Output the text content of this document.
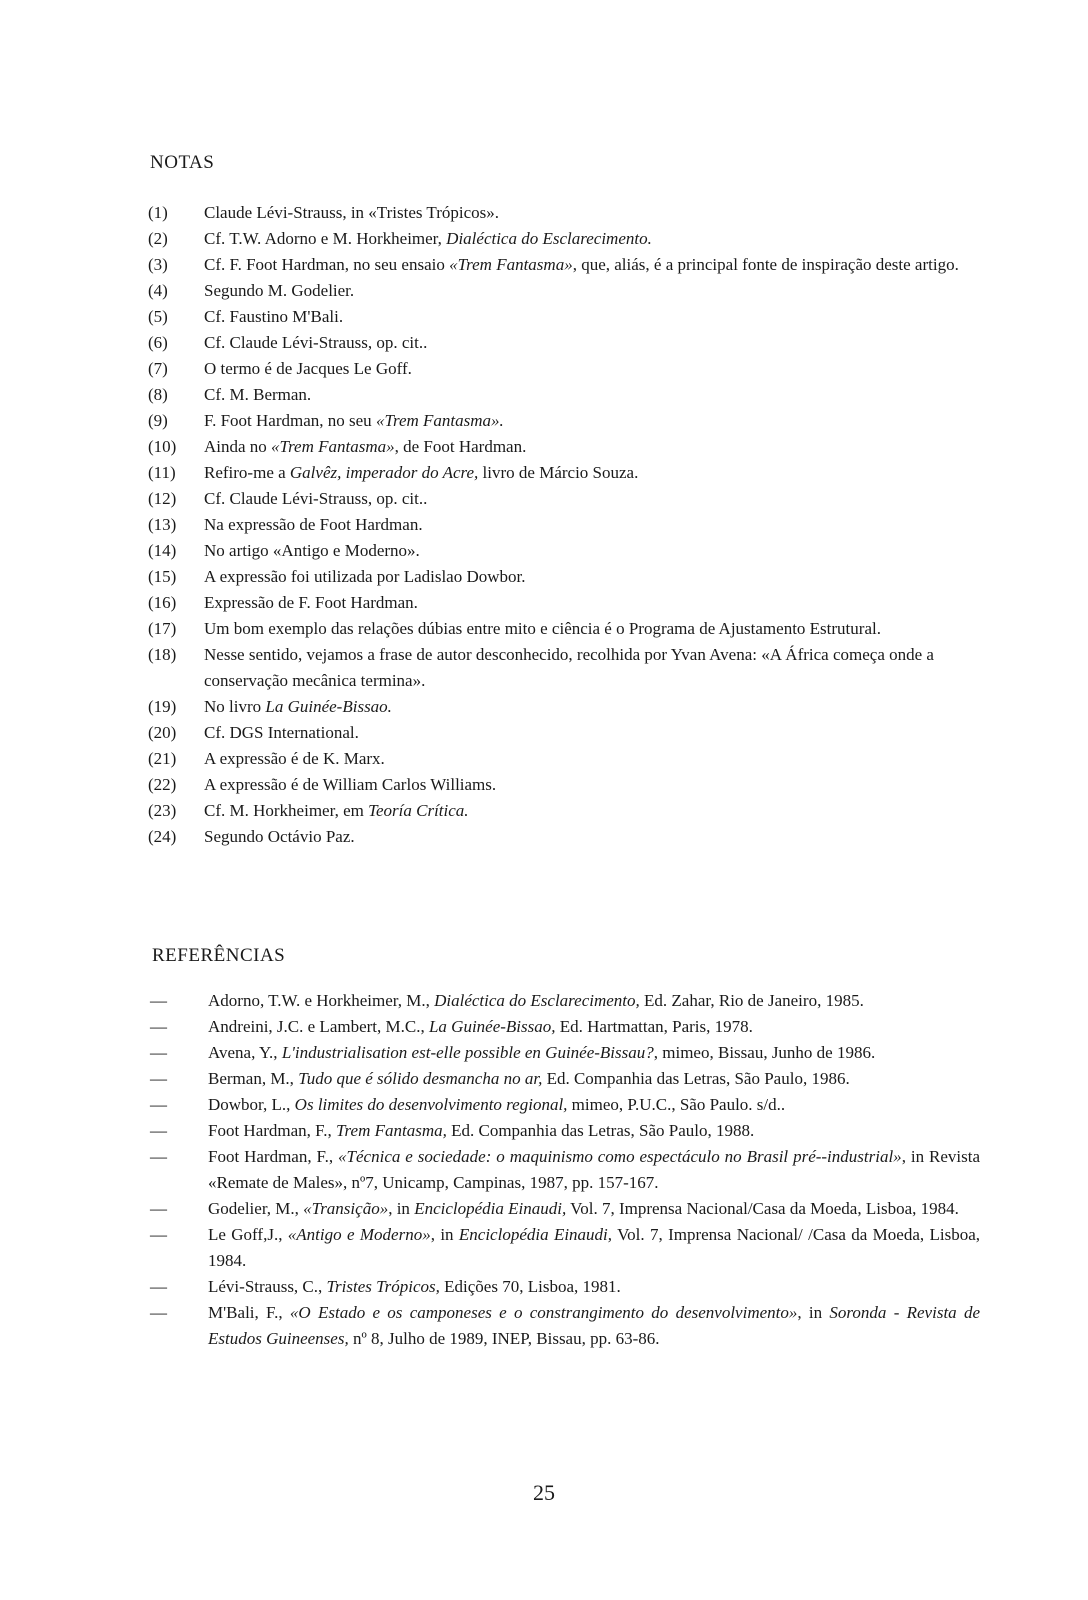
NOTAS
(1)	Claude Lévi-Strauss, in «Tristes Trópicos».
(2)	Cf. T.W. Adorno e M. Horkheimer, Dialéctica do Esclarecimento.
(3)	Cf. F. Foot Hardman, no seu ensaio «Trem Fantasma», que, aliás, é a principal fonte de inspiração deste artigo.
(4)	Segundo M. Godelier.
(5)	Cf. Faustino M'Bali.
(6)	Cf. Claude Lévi-Strauss, op. cit..
(7)	O termo é de Jacques Le Goff.
(8)	Cf. M. Berman.
(9)	F. Foot Hardman, no seu «Trem Fantasma».
(10)	Ainda no «Trem Fantasma», de Foot Hardman.
(11)	Refiro-me a Galvêz, imperador do Acre, livro de Márcio Souza.
(12)	Cf. Claude Lévi-Strauss, op. cit..
(13)	Na expressão de Foot Hardman.
(14)	No artigo «Antigo e Moderno».
(15)	A expressão foi utilizada por Ladislao Dowbor.
(16)	Expressão de F. Foot Hardman.
(17)	Um bom exemplo das relações dúbias entre mito e ciência é o Programa de Ajustamento Estrutural.
(18)	Nesse sentido, vejamos a frase de autor desconhecido, recolhida por Yvan Avena: «A África começa onde a conservação mecânica termina».
(19)	No livro La Guinée-Bissao.
(20)	Cf. DGS International.
(21)	A expressão é de K. Marx.
(22)	A expressão é de William Carlos Williams.
(23)	Cf. M. Horkheimer, em Teoría Crítica.
(24)	Segundo Octávio Paz.
REFERÊNCIAS
—	Adorno, T.W. e Horkheimer, M., Dialéctica do Esclarecimento, Ed. Zahar, Rio de Janeiro, 1985.
—	Andreini, J.C. e Lambert, M.C., La Guinée-Bissao, Ed. Hartmattan, Paris, 1978.
—	Avena, Y., L'industrialisation est-elle possible en Guinée-Bissau?, mimeo, Bissau, Junho de 1986.
—	Berman, M., Tudo que é sólido desmancha no ar, Ed. Companhia das Letras, São Paulo, 1986.
—	Dowbor, L., Os limites do desenvolvimento regional, mimeo, P.U.C., São Paulo. s/d..
—	Foot Hardman, F., Trem Fantasma, Ed. Companhia das Letras, São Paulo, 1988.
—	Foot Hardman, F., «Técnica e sociedade: o maquinismo como espectáculo no Brasil pré--industrial», in Revista «Remate de Males», nº7, Unicamp, Campinas, 1987, pp. 157-167.
—	Godelier, M., «Transição», in Enciclopédia Einaudi, Vol. 7, Imprensa Nacional/Casa da Moeda, Lisboa, 1984.
—	Le Goff,J., «Antigo e Moderno», in Enciclopédia Einaudi, Vol. 7, Imprensa Nacional/ /Casa da Moeda, Lisboa, 1984.
—	Lévi-Strauss, C., Tristes Trópicos, Edições 70, Lisboa, 1981.
—	M'Bali, F., «O Estado e os camponeses e o constrangimento do desenvolvimento», in Soronda - Revista de Estudos Guineenses, nº 8, Julho de 1989, INEP, Bissau, pp. 63-86.
25
